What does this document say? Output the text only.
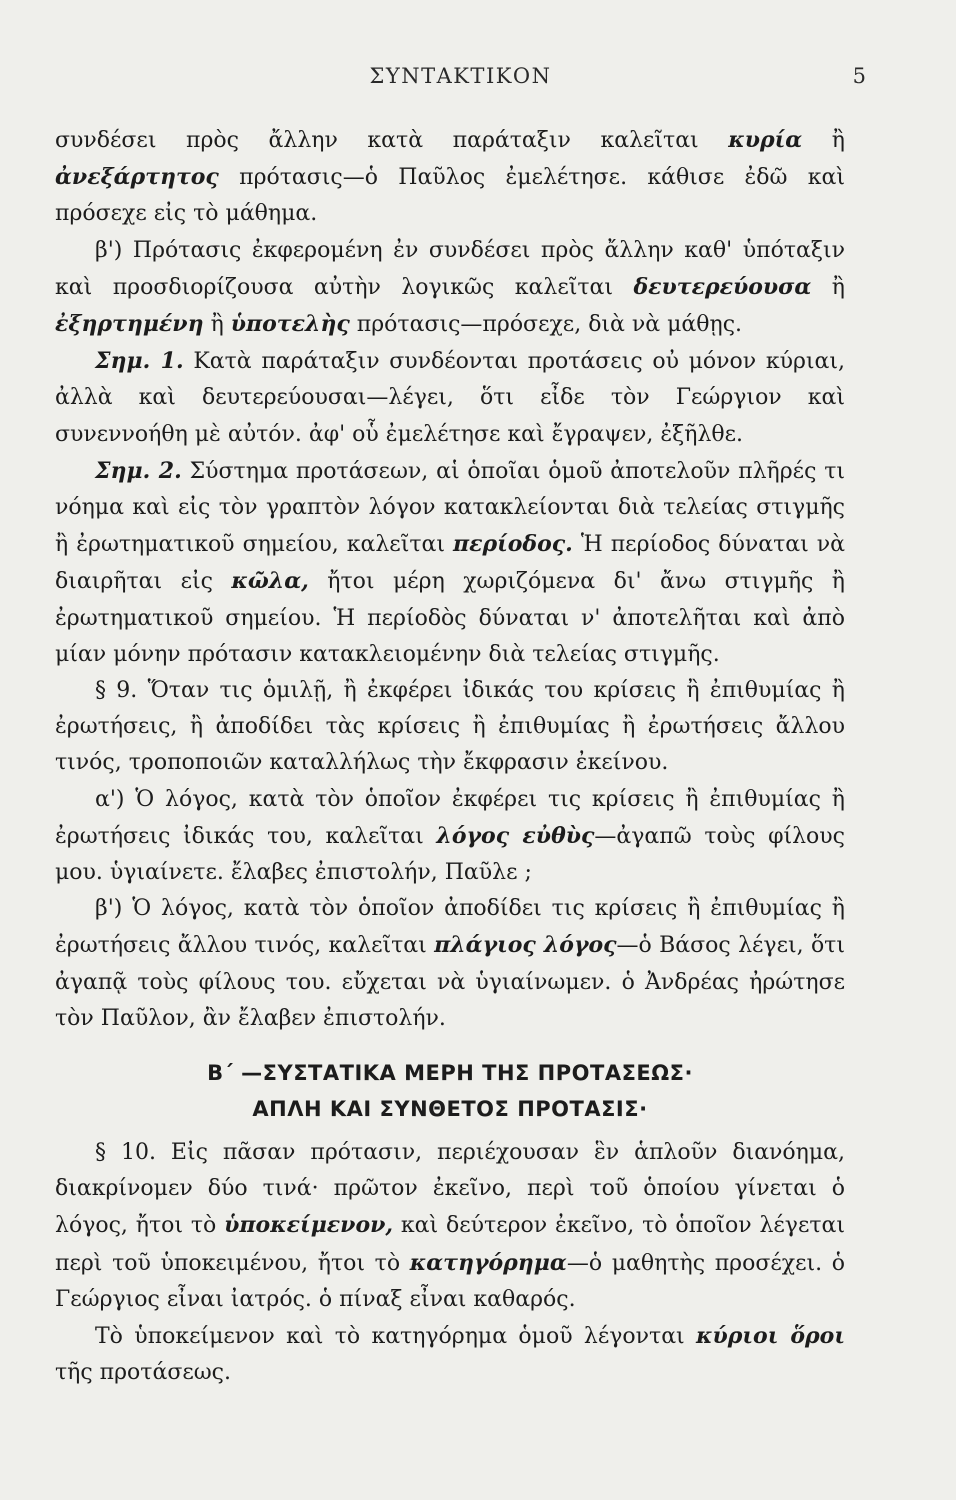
ΣΥΝΤΑΚΤΙΚΟΝ	5

συνδέσει πρὸς ἄλλην κατὰ παράταξιν καλεῖται κυρία ἢ ἀνεξάρτητος πρότασις—ὁ Παῦλος ἐμελέτησε. κάθισε ἐδῶ καὶ πρόσεχε εἰς τὸ μάθημα.

β') Πρότασις ἐκφερομένη ἐν συνδέσει πρὸς ἄλλην καθ' ὑπόταξιν καὶ προσδιορίζουσα αὐτὴν λογικῶς καλεῖται δευτερεύουσα ἢ ἐξηρτημένη ἢ ὑποτελὴς πρότασις—πρόσεχε, διὰ νὰ μάθῃς.

Σημ. 1. Κατὰ παράταξιν συνδέονται προτάσεις οὐ μόνον κύριαι, ἀλλὰ καὶ δευτερεύουσαι—λέγει, ὅτι εἶδε τὸν Γεώργιον καὶ συνεννοήθη μὲ αὐτόν. ἀφ' οὗ ἐμελέτησε καὶ ἔγραψεν, ἐξῆλθε.

Σημ. 2. Σύστημα προτάσεων, αἱ ὁποῖαι ὁμοῦ ἀποτελοῦν πλῆρές τι νόημα καὶ εἰς τὸν γραπτὸν λόγον κατακλείονται διὰ τελείας στιγμῆς ἢ ἐρωτηματικοῦ σημείου, καλεῖται περίοδος. Ἡ περίοδος δύναται νὰ διαιρῆται εἰς κῶλα, ἤτοι μέρη χωριζόμενα δι' ἄνω στιγμῆς ἢ ἐρωτηματικοῦ σημείου. Ἡ περίοδὸς δύναται ν' ἀποτελῆται καὶ ἀπὸ μίαν μόνην πρότασιν κατακλειομένην διὰ τελείας στιγμῆς.

§ 9. Ὅταν τις ὁμιλῇ, ἢ ἐκφέρει ἰδικάς του κρίσεις ἢ ἐπιθυμίας ἢ ἐρωτήσεις, ἢ ἀποδίδει τὰς κρίσεις ἢ ἐπιθυμίας ἢ ἐρωτήσεις ἄλλου τινός, τροποποιῶν καταλλήλως τὴν ἔκφρασιν ἐκείνου.

α') Ὁ λόγος, κατὰ τὸν ὁποῖον ἐκφέρει τις κρίσεις ἢ ἐπιθυμίας ἢ ἐρωτήσεις ἰδικάς του, καλεῖται λόγος εὐθὺς—ἀγαπῶ τοὺς φίλους μου. ὑγιαίνετε. ἔλαβες ἐπιστολήν, Παῦλε ;

β') Ὁ λόγος, κατὰ τὸν ὁποῖον ἀποδίδει τις κρίσεις ἢ ἐπιθυμίας ἢ ἐρωτήσεις ἄλλου τινός, καλεῖται πλάγιος λόγος—ὁ Βάσος λέγει, ὅτι ἀγαπᾷ τοὺς φίλους του. εὔχεται νὰ ὑγιαίνωμεν. ὁ Ἀνδρέας ἠρώτησε τὸν Παῦλον, ἂν ἔλαβεν ἐπιστολήν.

Β΄ —ΣΥΣΤΑΤΙΚΑ ΜΕΡΗ ΤΗΣ ΠΡΟΤΑΣΕΩΣ·
ΑΠΛΗ ΚΑΙ ΣΥΝΘΕΤΟΣ ΠΡΟΤΑΣΙΣ·

§ 10. Εἰς πᾶσαν πρότασιν, περιέχουσαν ἓν ἁπλοῦν διανόημα, διακρίνομεν δύο τινά· πρῶτον ἐκεῖνο, περὶ τοῦ ὁποίου γίνεται ὁ λόγος, ἤτοι τὸ ὑποκείμενον, καὶ δεύτερον ἐκεῖνο, τὸ ὁποῖον λέγεται περὶ τοῦ ὑποκειμένου, ἤτοι τὸ κατηγόρημα—ὁ μαθητὴς προσέχει. ὁ Γεώργιος εἶναι ἰατρός. ὁ πίναξ εἶναι καθαρός.

Τὸ ὑποκείμενον καὶ τὸ κατηγόρημα ὁμοῦ λέγονται κύριοι ὅροι τῆς προτάσεως.
